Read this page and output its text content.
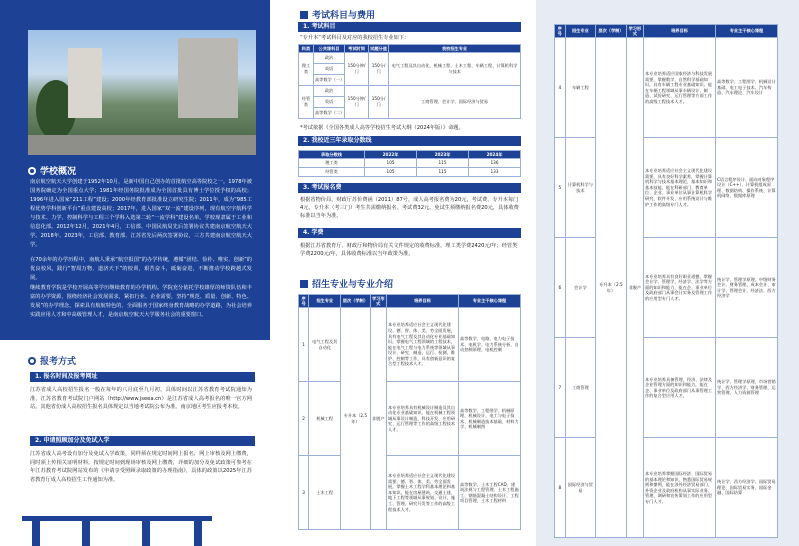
学校概况
南京航空航天大学创建于1952年10月，是新中国自己创办的首批航空高等院校之一。1978年被国务院确定为全国重点大学；1981年经国务院批准成为全国首批具有博士学位授予权的高校；1996年进入国家“211工程”建设；2000年经教育部批准设立研究生院；2011年，成为“985工程优势学科创新平台”重点建设高校；2017年，进入国家“双一流”建设序列，现有航空宇航科学与技术、力学、控制科学与工程三个学科入选第二轮“一流学科”建设名单。学校现隶属于工业和信息化部。2012年12月，2021年4月，工信部、中国民航局先后签署协议共建南京航空航天大学。2018年、2023年，工信部、教育部、江苏省先后两次签署协议，三方共建南京航空航天大学。
在70余年的办学历程中，南航人秉承“航空报国”的办学传统，遵循“团结、俭朴、唯实、创新”的优良校风，践行“智周万物、道济天下”的校训，艰苦奋斗，砥砺奋进，不断推动学校跨越式发展。
继续教育学院是学校开展高等学历继续教育的办学机构。学院充分依托学校雄厚的师资队伍和丰富的办学资源，围绕经济社会发展需求，紧扣行业、企业需要，坚持“规范、质量、创新、特色、发展”的办学理念，探索具有航航特色的、全面服务于国家终身教育战略的办学道路，为社会培养实践应用人才和中高级管理人才，是南京航空航天大学服务社会的重要窗口。
报考方式
1. 报名时间及报考网址
江苏省成人高校招生报名一般在每年的八月底至九月初，具体时间以江苏省教育考试院通知为准，江苏省教育考试院门户网站（http://www.jseea.cn）是江苏省成人高考报名的唯一官方网站。其他省份成人高校招生报名具体规定以当地考试院公布为准。南京地区考生应报考本校。
2. 申请照顾加分及免试入学
江苏省成人高考设有加分及免试入学政策，同样须在规定时间网上报名，网上审核及网上缴费，同时须上传相关证明材料。按规定时间到现场审核及网上缴费，详细的加分及免试政策可参考在年江苏教育考试院网站发布的《申请享受照顾录取政策的办理指南》，具体的政策以2025年江苏省教育厅成人高校招生工作通知为准。
考试科目与费用
1. 考试科目
“专升本”考试科目及对应的我校招生专业如下：
科类	公共课科目	考试时间	试题分值	我校招生专业
理工类	政治	150分钟/门	150分/门	电气工程及其自动化、机械工程、土木工程、车辆工程、计算机科学与技术
	英语			
	高等数学（一）			
经管类	政治	150分钟/门	150分/门	工商管理、会计学、国际经济与贸易
	英语			
	高等数学（二）			
*考试依据《全国各类成人高等学校招生考试大纲（2024年版）》命题。
2. 我校近三年录取分数线
录取分数线	2022年	2023年	2024年
理工类	105	115	136
经管类	105	115	133
3. 考试报名费
根据省物价局、财政厅苏价费函（2011）87号，成人高考报名费为20元，考试费，专升本每门4元，专升本（考三门）考生共需缴纳报名、考试费32元。免试生须缴纳报名费20元，具体收费标准以当年为准。
4. 学费
根据江苏省教育厅、财政厅和物价局有关文件规定的收费标准，理工类学费2420元/年；经管类学费2200元/年，具体收费标准以当年政策为准。
招生专业与专业介绍
序号	招生专业	层次（学制）	学习形式	培养目标	专业主干核心课程
1	电气工程及其自动化	专升本（2.5年）	非脱产	本专业培养适应社会主义现代化建设、德、智、体、美、劳全面发展，具有电气工程及其自动化专业基础知识，掌握电气工程领域的工程技术，能在电气工程与电力系统等领域从事设计、研究、制造、运行、检测、维护、控制等工作，具有创新意识的复合型工程技术人才。	高等数学、电路、电力电子技术、电机学、电力系统分析、自动控制原理、电机控制
2	机械工程			本专业培养具有机械设计制造及其自动化专业基础知识，能在机械工程领域从事设计制造、科技开发、应用研究、运行管理等工作的高级工程技术人才。	高等数学、工程图学、机械原理、机械设计、电工与电子技术、机械制造技术基础、材料力学、机械制图
3	土木工程			本专业培养适应社会主义现代化建设需要，德、智、体、美、劳全面发展，掌握土木工程学科基本理论和基本知识，能在房屋建筑、交通土建、地下工程等领域从事规划、设计、施工、管理、研究开发等工作的高级工程技术人才。	高等数学、土木工程CAD、建筑法规与工程管理、土木工程施工、钢筋混凝土结构设计、工程项目管理、土木工程材料
序号	招生专业	层次（学制）	学习形式	培养目标	专业主干核心课程
4	车辆工程	专升本（2.5年）	非脱产	本专业培养适应国家经济与科技发展需要，掌握数学、自然科学基础知识，具有车辆工程专业基础知识，能在车辆工程领域从事车辆设计、制造、试验研究、运行管理等方面工作的高级工程技术人才。	高等数学、工程图学、机械设计基础、电工电子技术、汽车构造、汽车理论、汽车设计
5	计算机科学与技术			本专业培养适应社会主义现代化建设需要，具有良好科学素养，掌握计算机科学与技术基本理论、基本知识和基本技能，能在科研部门、教育单位、企业、事业单位从事计算机科学研究、软件开发、应用系统设计与维护工作的高级专门人才。	C语言程序设计、面向对象程序设计（C++）、计算机组成原理、数据结构、操作系统、计算机网络、数据库原理
6	会计学			本专业培养具有良好职业道德，掌握会计学、管理学、经济学、法学等方面的知识和能力，能在企、事业单位及政府部门从事会计实务及管理工作的应用型专门人才。	统计学、管理学原理、中级财务会计、财务管理、成本会计、审计学、管理会计、经济法、西方经济学
7	工商管理			本专业培养具备管理、经济、法律及企业管理方面的知识和能力，能在企、事业单位及政府部门从事管理工作的复合型应用人才。	统计学、管理学原理、市场营销学、西方经济学、财务管理、运营管理、人力资源管理
8	国际经济与贸易			本专业培养掌握国际经济、国际贸易的基本理论和知识，熟悉国际贸易规则和惯例，能在涉外经济贸易部门、外资企业及政府机构从事实际业务、管理、调研和宣传策划工作的应用型专门人才。	统计学、西方经济学、国际贸易理论、国际贸易实务、国际金融、国际结算
